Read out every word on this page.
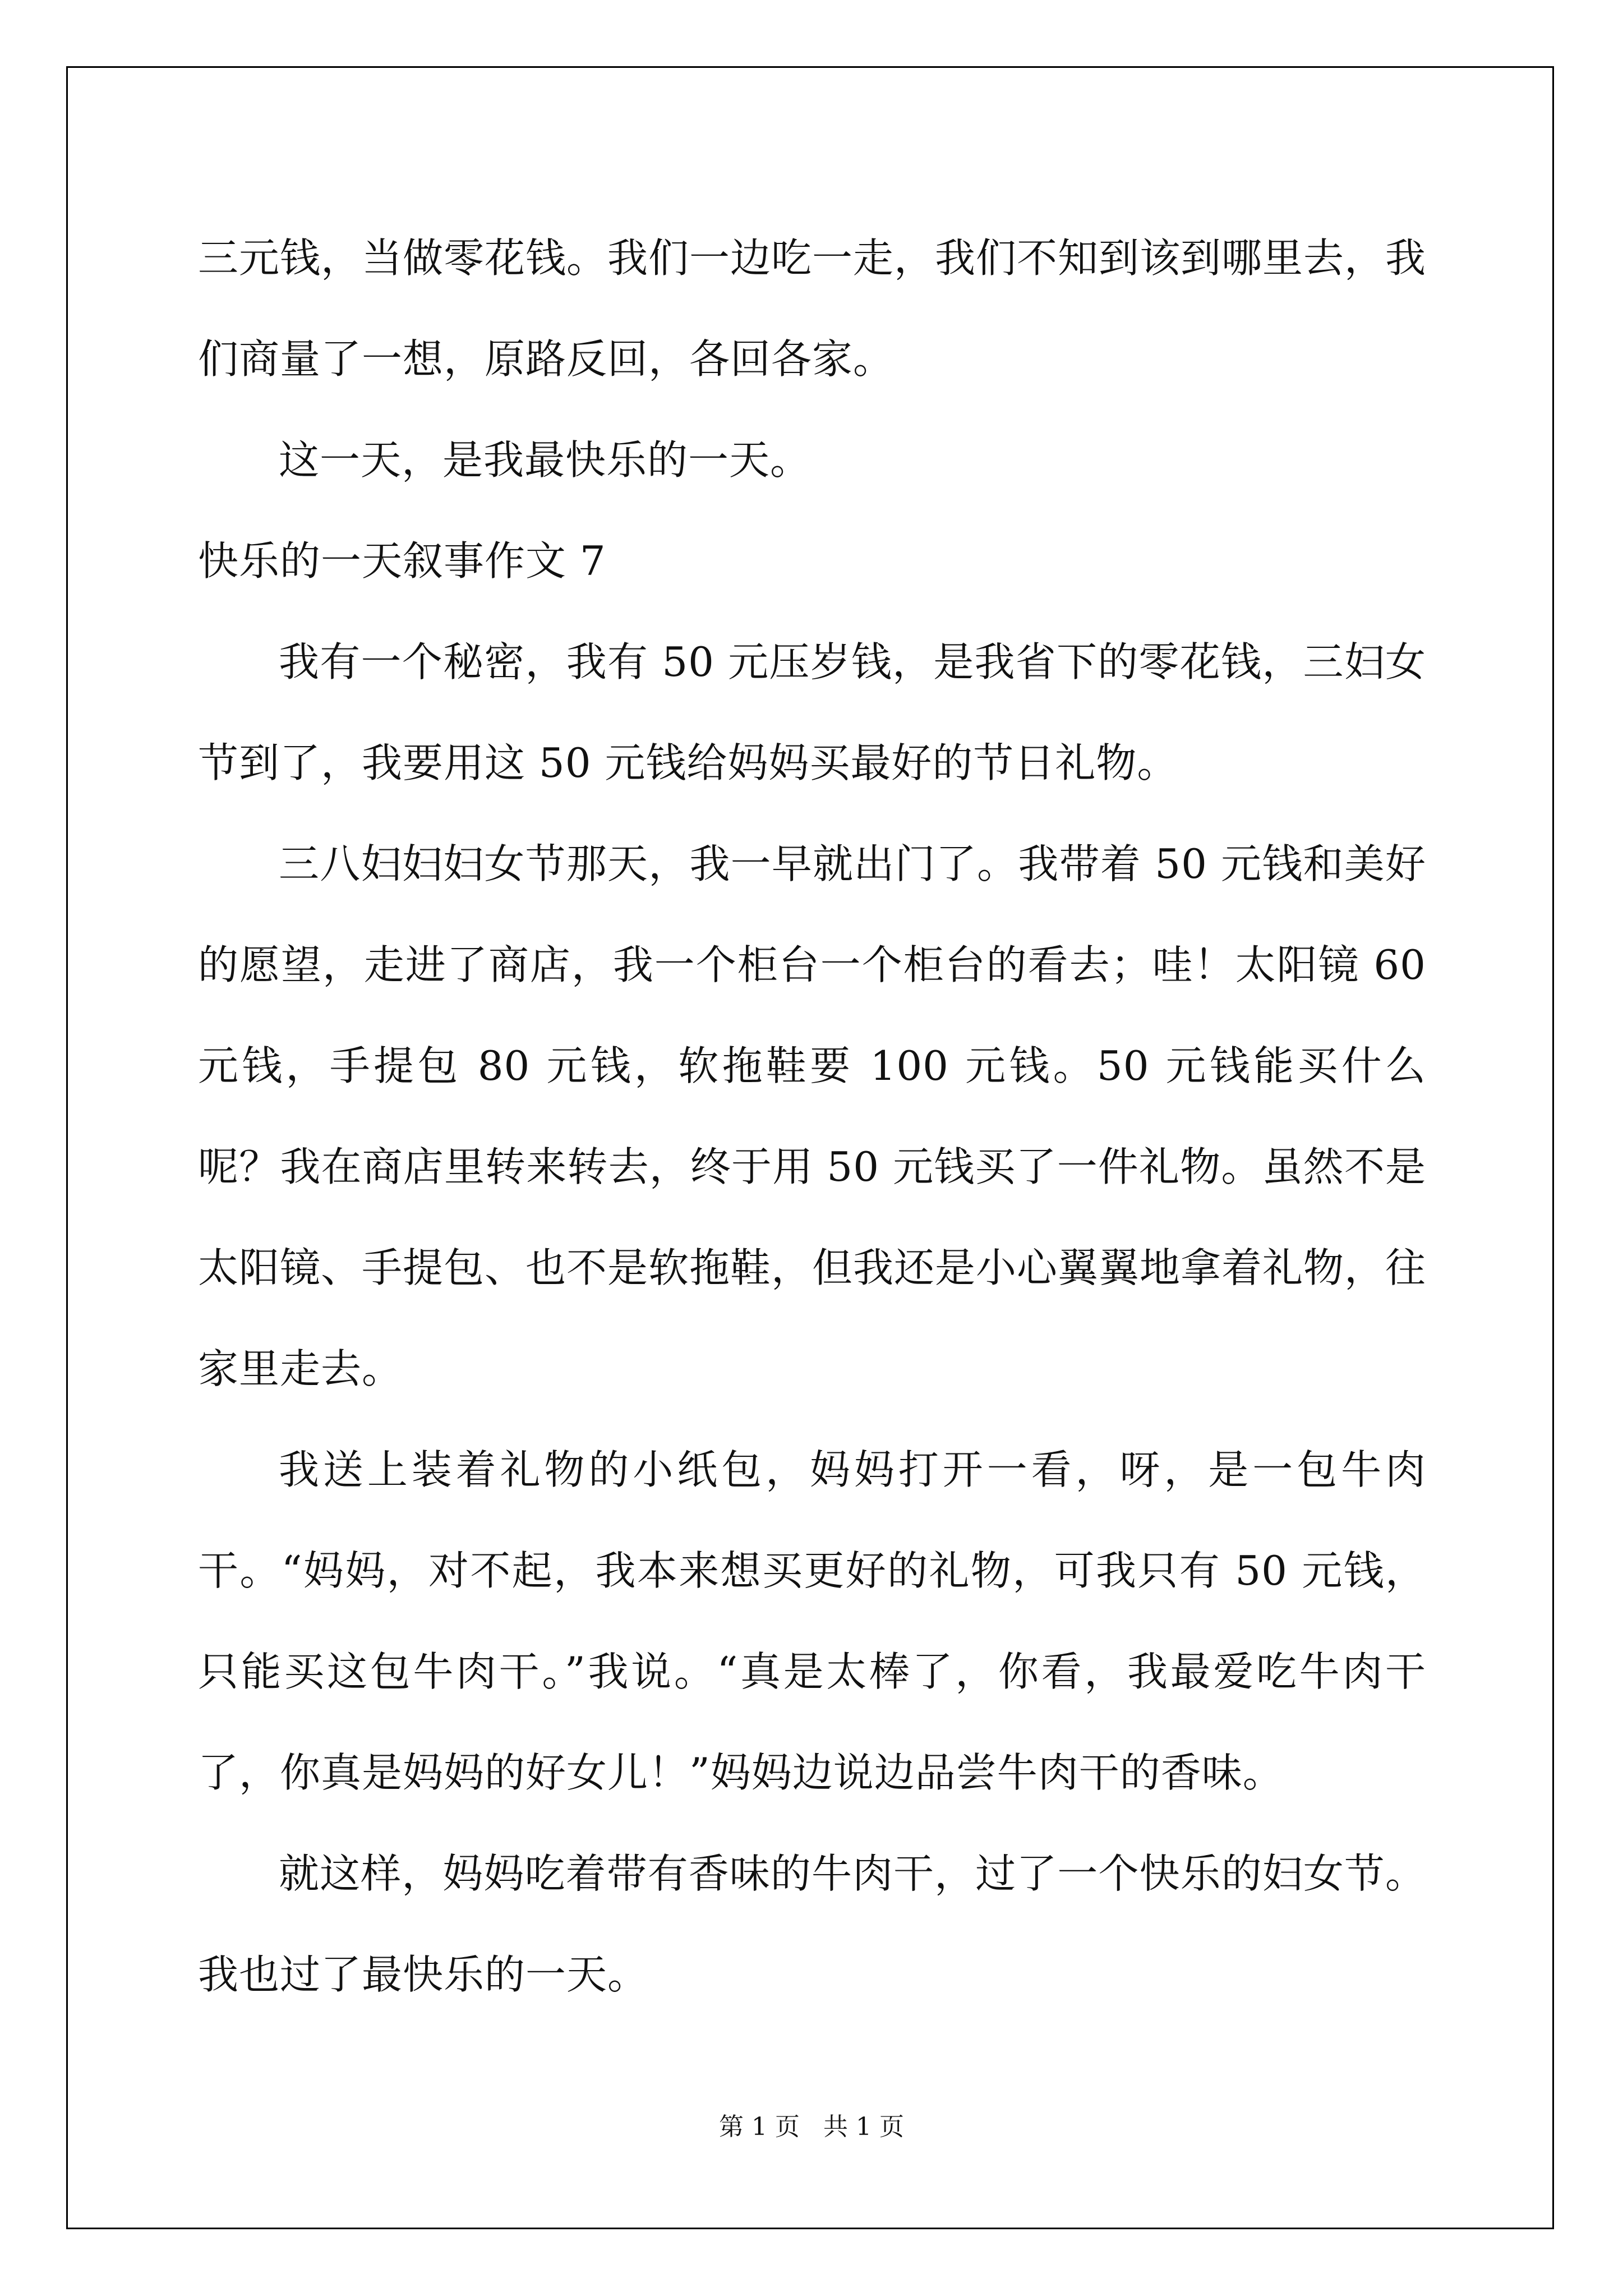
三元钱，当做零花钱。我们一边吃一走，我们不知到该到哪里去，我们商量了一想，原路反回，各回各家。

这一天，是我最快乐的一天。

快乐的一天叙事作文 7

我有一个秘密，我有 50 元压岁钱，是我省下的零花钱，三妇女节到了，我要用这 50 元钱给妈妈买最好的节日礼物。

三八妇妇妇女节那天，我一早就出门了。我带着 50 元钱和美好的愿望，走进了商店，我一个柜台一个柜台的看去；哇！太阳镜 60 元钱，手提包 80 元钱，软拖鞋要 100 元钱。50 元钱能买什么呢？我在商店里转来转去，终于用 50 元钱买了一件礼物。虽然不是太阳镜、手提包、也不是软拖鞋，但我还是小心翼翼地拿着礼物，往家里走去。

我送上装着礼物的小纸包，妈妈打开一看，呀，是一包牛肉干。“妈妈，对不起，我本来想买更好的礼物，可我只有 50 元钱，只能买这包牛肉干。”我说。“真是太棒了，你看，我最爱吃牛肉干了，你真是妈妈的好女儿！”妈妈边说边品尝牛肉干的香味。

就这样，妈妈吃着带有香味的牛肉干，过了一个快乐的妇女节。我也过了最快乐的一天。

第 1 页   共 1 页
